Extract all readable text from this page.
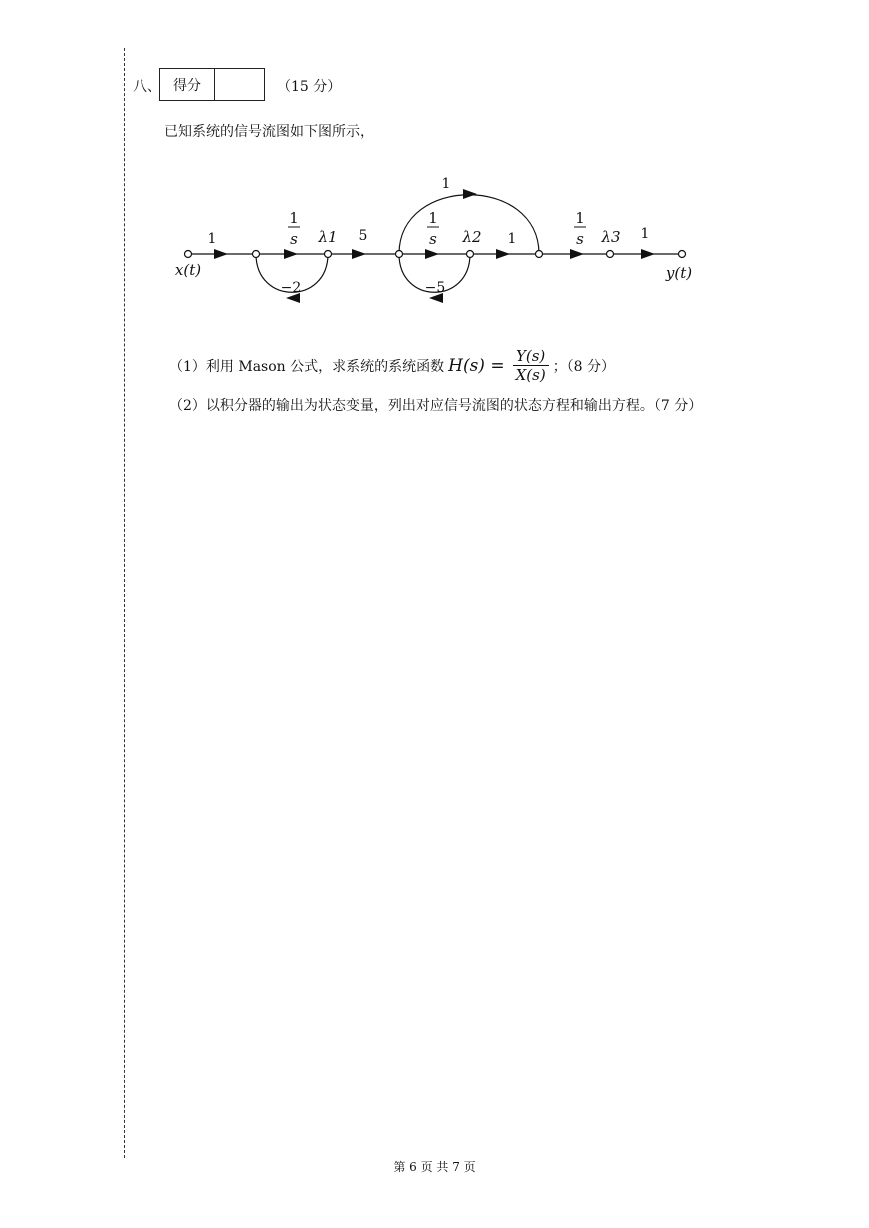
八、 得分	（15 分）
已知系统的信号流图如下图所示，
1
s
1
s
1
s
1	5	1
1
1
−2	−5
λ1	λ2	λ3
x(t)	y(t)
（1）利用 Mason 公式，求系统的系统函数 $H(s) = \frac{Y(s)}{X(s)}$ ；（8 分）
（2）以积分器的输出为状态变量，列出对应信号流图的状态方程和输出方程。（7 分）
第 6 页 共 7 页
